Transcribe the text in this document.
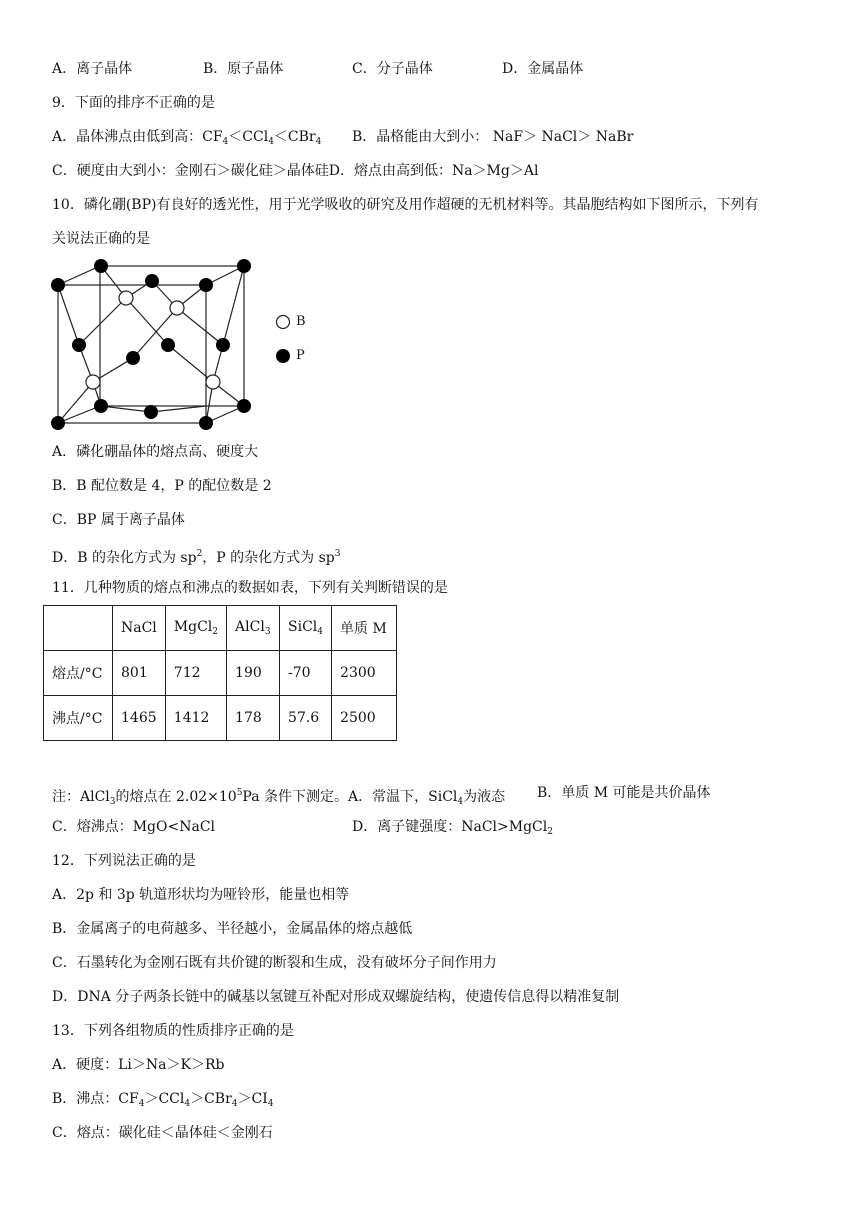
A．离子晶体	B．原子晶体	C．分子晶体	D．金属晶体
9．下面的排序不正确的是
A．晶体沸点由低到高：$CF_4<CCl_4<CBr_4$ B．晶格能由大到小： NaF＞ NaCl＞ NaBr
C．硬度由大到小：金刚石＞碳化硅＞晶体硅D．熔点由高到低：Na＞Mg＞Al
10．磷化硼(BP)有良好的透光性，用于光学吸收的研究及用作超硬的无机材料等。其晶胞结构如下图所示，下列有
关说法正确的是
B
P
A．磷化硼晶体的熔点高、硬度大
B．B 配位数是 4，P 的配位数是 2
C．BP 属于离子晶体
D．B 的杂化方式为 $sp^2$，P 的杂化方式为 $sp^3$
11．几种物质的熔点和沸点的数据如表，下列有关判断错误的是
	NaCl	MgCl$_2$	AlCl$_3$	SiCl$_4$	单质 M
熔点/°C	801	712	190	-70	2300
沸点/°C	1465	1412	178	57.6	2500
注：AlCl$_3$的熔点在 $2.02\times 10^5Pa$ 条件下测定。A．常温下，SiCl$_4$为液态 B．单质 M 可能是共价晶体
C．熔沸点：MgO<NaCl	D．离子键强度：NaCl>MgCl$_2$
12．下列说法正确的是
A．2p 和 3p 轨道形状均为哑铃形，能量也相等
B．金属离子的电荷越多、半径越小，金属晶体的熔点越低
C．石墨转化为金刚石既有共价键的断裂和生成，没有破坏分子间作用力
D．DNA 分子两条长链中的碱基以氢键互补配对形成双螺旋结构，使遗传信息得以精准复制
13．下列各组物质的性质排序正确的是
A．硬度：Li＞Na＞K＞Rb
B．沸点：$CF_4>CCl_4>CBr_4>CI_4$
C．熔点：碳化硅＜晶体硅＜金刚石
